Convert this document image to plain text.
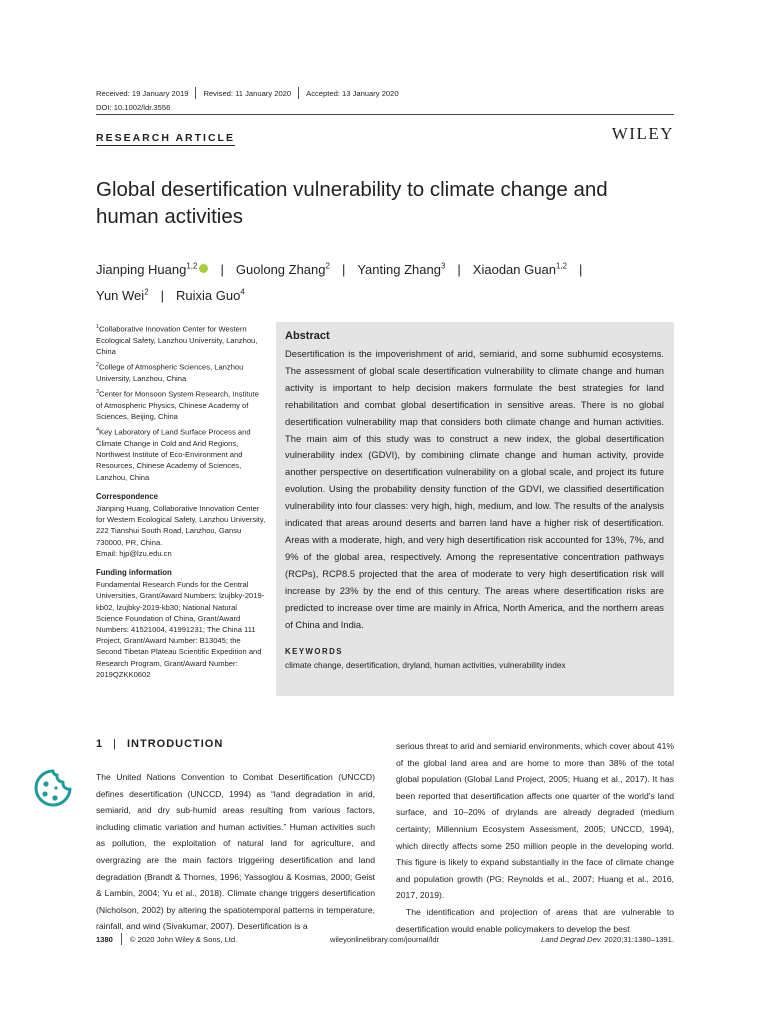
Received: 19 January 2019 Revised: 11 January 2020 Accepted: 13 January 2020
DOI: 10.1002/ldr.3556
RESEARCH ARTICLE	WILEY
Global desertification vulnerability to climate change and human activities
Jianping Huang$^{1,2}$ | Guolong Zhang$^2$ | Yanting Zhang$^3$ | Xiaodan Guan$^{1,2}$ |
Yun Wei$^2$ | Ruixia Guo$^4$

$^1$Collaborative Innovation Center for Western Ecological Safety, Lanzhou University, Lanzhou, China

$^2$College of Atmospheric Sciences, Lanzhou University, Lanzhou, China

$^3$Center for Monsoon System Research, Institute of Atmospheric Physics, Chinese Academy of Sciences, Beijing, China

$^4$Key Laboratory of Land Surface Process and Climate Change in Cold and Arid Regions, Northwest Institute of Eco-Environment and Resources, Chinese Academy of Sciences, Lanzhou, China

Correspondence
Jianping Huang, Collaborative Innovation Center for Western Ecological Safety, Lanzhou University, 222 Tianshui South Road, Lanzhou, Gansu 730000, PR, China.
Email: hjp@lzu.edu.cn
Funding information
Fundamental Research Funds for the Central Universities, Grant/Award Numbers: lzujbky-2019-kb02, lzujbky-2019-kb30; National Natural Science Foundation of China, Grant/Award Numbers: 41521004, 41991231; The China 111 Project, Grant/Award Number: B13045; the Second Tibetan Plateau Scientific Expedition and Research Program, Grant/Award Number: 2019QZKK0602
Abstract
Desertification is the impoverishment of arid, semiarid, and some subhumid ecosystems. The assessment of global scale desertification vulnerability to climate change and human activity is important to help decision makers formulate the best strategies for land rehabilitation and combat global desertification in sensitive areas. There is no global desertification vulnerability map that considers both climate change and human activities. The main aim of this study was to construct a new index, the global desertification vulnerability index (GDVI), by combining climate change and human activity, provide another perspective on desertification vulnerability on a global scale, and project its future evolution. Using the probability density function of the GDVI, we classified desertification vulnerability into four classes: very high, high, medium, and low. The results of the analysis indicated that areas around deserts and barren land have a higher risk of desertification. Areas with a moderate, high, and very high desertification risk accounted for 13%, 7%, and 9% of the global area, respectively. Among the representative concentration pathways (RCPs), RCP8.5 projected that the area of moderate to very high desertification risk will increase by 23% by the end of this century. The areas where desertification risks are predicted to increase over time are mainly in Africa, North America, and the northern areas of China and India.
KEYWORDS
climate change, desertification, dryland, human activities, vulnerability index
1 | INTRODUCTION
The United Nations Convention to Combat Desertification (UNCCD) defines desertification (UNCCD, 1994) as “land degradation in arid, semiarid, and dry sub-humid areas resulting from various factors, including climatic variation and human activities.” Human activities such as pollution, the exploitation of natural land for agriculture, and overgrazing are the main factors triggering desertification and land degradation (Brandt & Thornes, 1996; Yassoglou & Kosmas, 2000; Geist & Lambin, 2004; Yu et al., 2018). Climate change triggers desertification (Nicholson, 2002) by altering the spatiotemporal patterns in temperature, rainfall, and wind (Sivakumar, 2007). Desertification is a

serious threat to arid and semiarid environments, which cover about 41% of the global land area and are home to more than 38% of the total global population (Global Land Project, 2005; Huang et al., 2017). It has been reported that desertification affects one quarter of the world's land surface, and 10–20% of drylands are already degraded (medium certainty; Millennium Ecosystem Assessment, 2005; UNCCD, 1994), which directly affects some 250 million people in the developing world. This figure is likely to expand substantially in the face of climate change and population growth (PG; Reynolds et al., 2007; Huang et al., 2016, 2017, 2019).

The identification and projection of areas that are vulnerable to desertification would enable policymakers to develop the best

1380 © 2020 John Wiley & Sons, Ltd.	wileyonlinelibrary.com/journal/ldr	Land Degrad Dev. 2020;31:1380–1391.
